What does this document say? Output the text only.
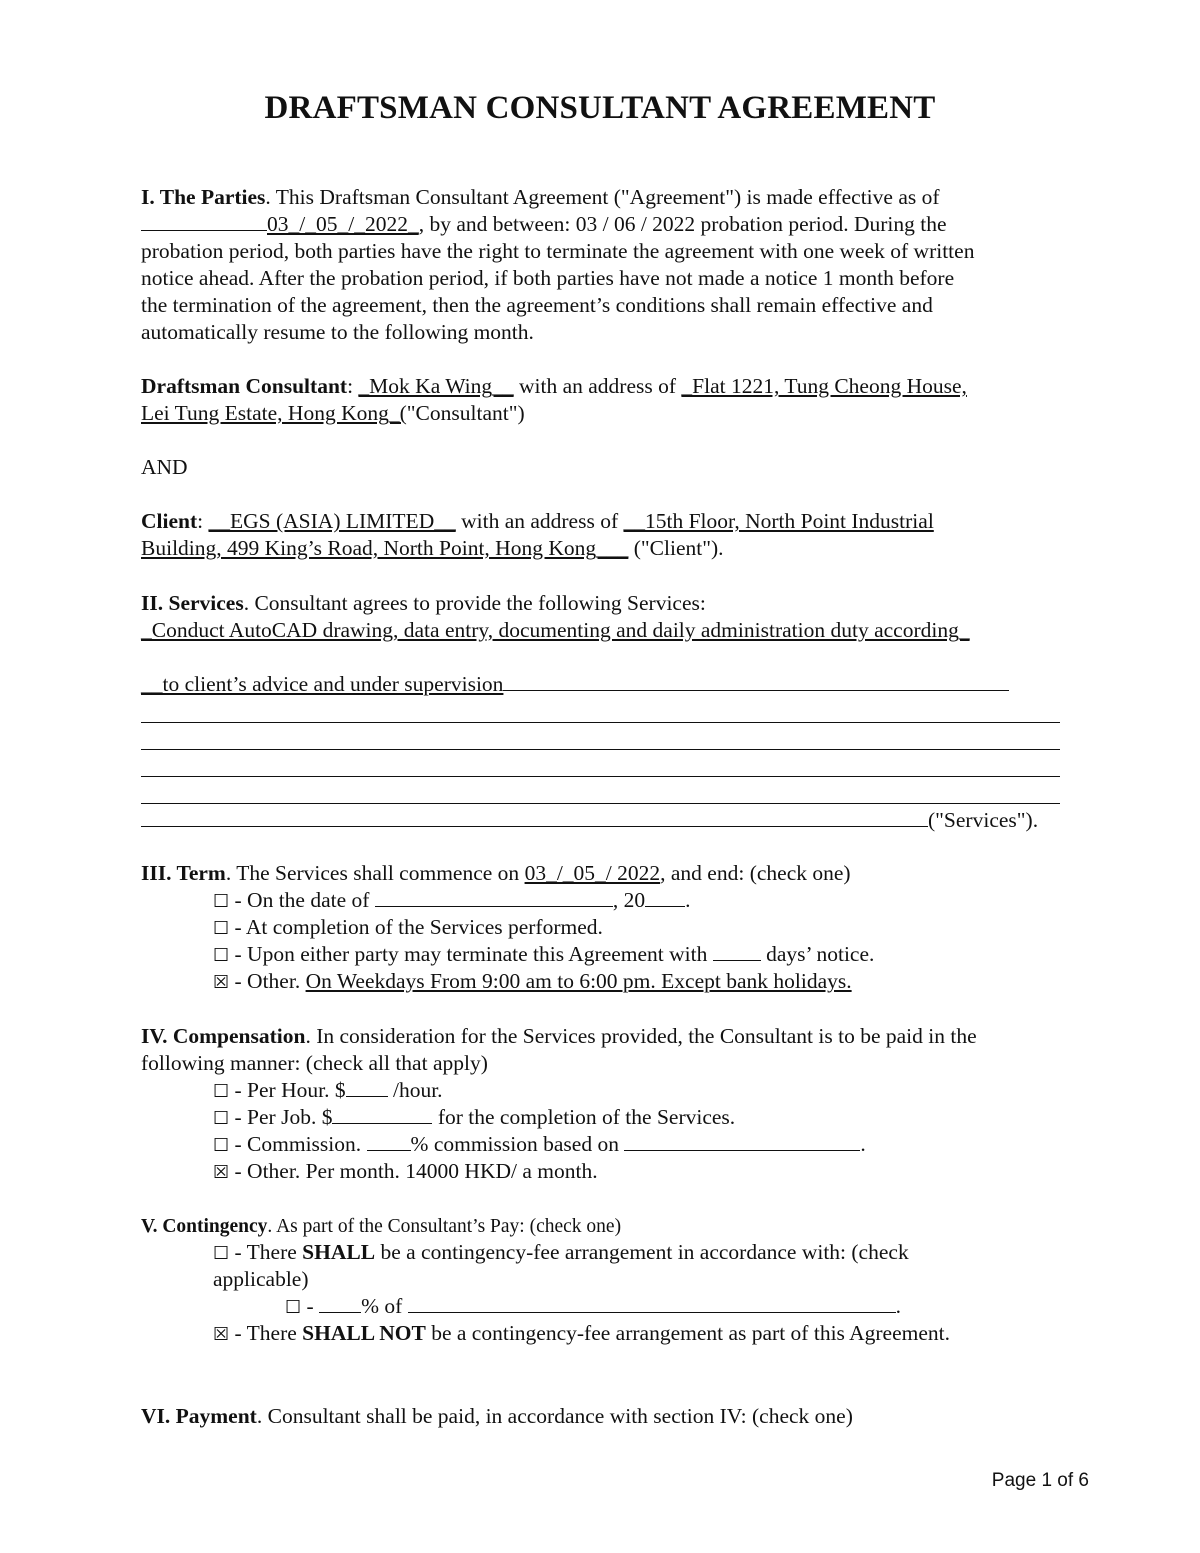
DRAFTSMAN CONSULTANT AGREEMENT
I. The Parties. This Draftsman Consultant Agreement ("Agreement") is made effective as of
03_/_05_/_2022_, by and between: 03 / 06 / 2022 probation period. During the
probation period, both parties have the right to terminate the agreement with one week of written
notice ahead. After the probation period, if both parties have not made a notice 1 month before
the termination of the agreement, then the agreement’s conditions shall remain effective and
automatically resume to the following month.
Draftsman Consultant: _Mok Ka Wing__ with an address of _Flat 1221, Tung Cheong House,
Lei Tung Estate, Hong Kong_("Consultant")
AND
Client: __EGS (ASIA) LIMITED__ with an address of __15th Floor, North Point Industrial
Building, 499 King’s Road, North Point, Hong Kong___ ("Client").
II. Services. Consultant agrees to provide the following Services:
_Conduct AutoCAD drawing, data entry, documenting and daily administration duty according_
__to client’s advice and under supervision
("Services").
III. Term. The Services shall commence on 03_/_05_/ 2022, and end: (check one)
☐ - On the date of	, 20 .
☐ - At completion of the Services performed.
☐ - Upon either party may terminate this Agreement with  days’ notice.
☒ - Other. On Weekdays From 9:00 am to 6:00 pm. Except bank holidays.
IV. Compensation. In consideration for the Services provided, the Consultant is to be paid in the
following manner: (check all that apply)
☐ - Per Hour. $ /hour.
☐ - Per Job. $	for the completion of the Services.
☐ - Commission. % commission based on	.
☒ - Other. Per month. 14000 HKD/ a month.
V. Contingency. As part of the Consultant’s Pay: (check one)
☐ - There SHALL be a contingency-fee arrangement in accordance with: (check
applicable)
☐ - % of	.
☒ - There SHALL NOT be a contingency-fee arrangement as part of this Agreement.
VI. Payment. Consultant shall be paid, in accordance with section IV: (check one)
Page 1 of 6
